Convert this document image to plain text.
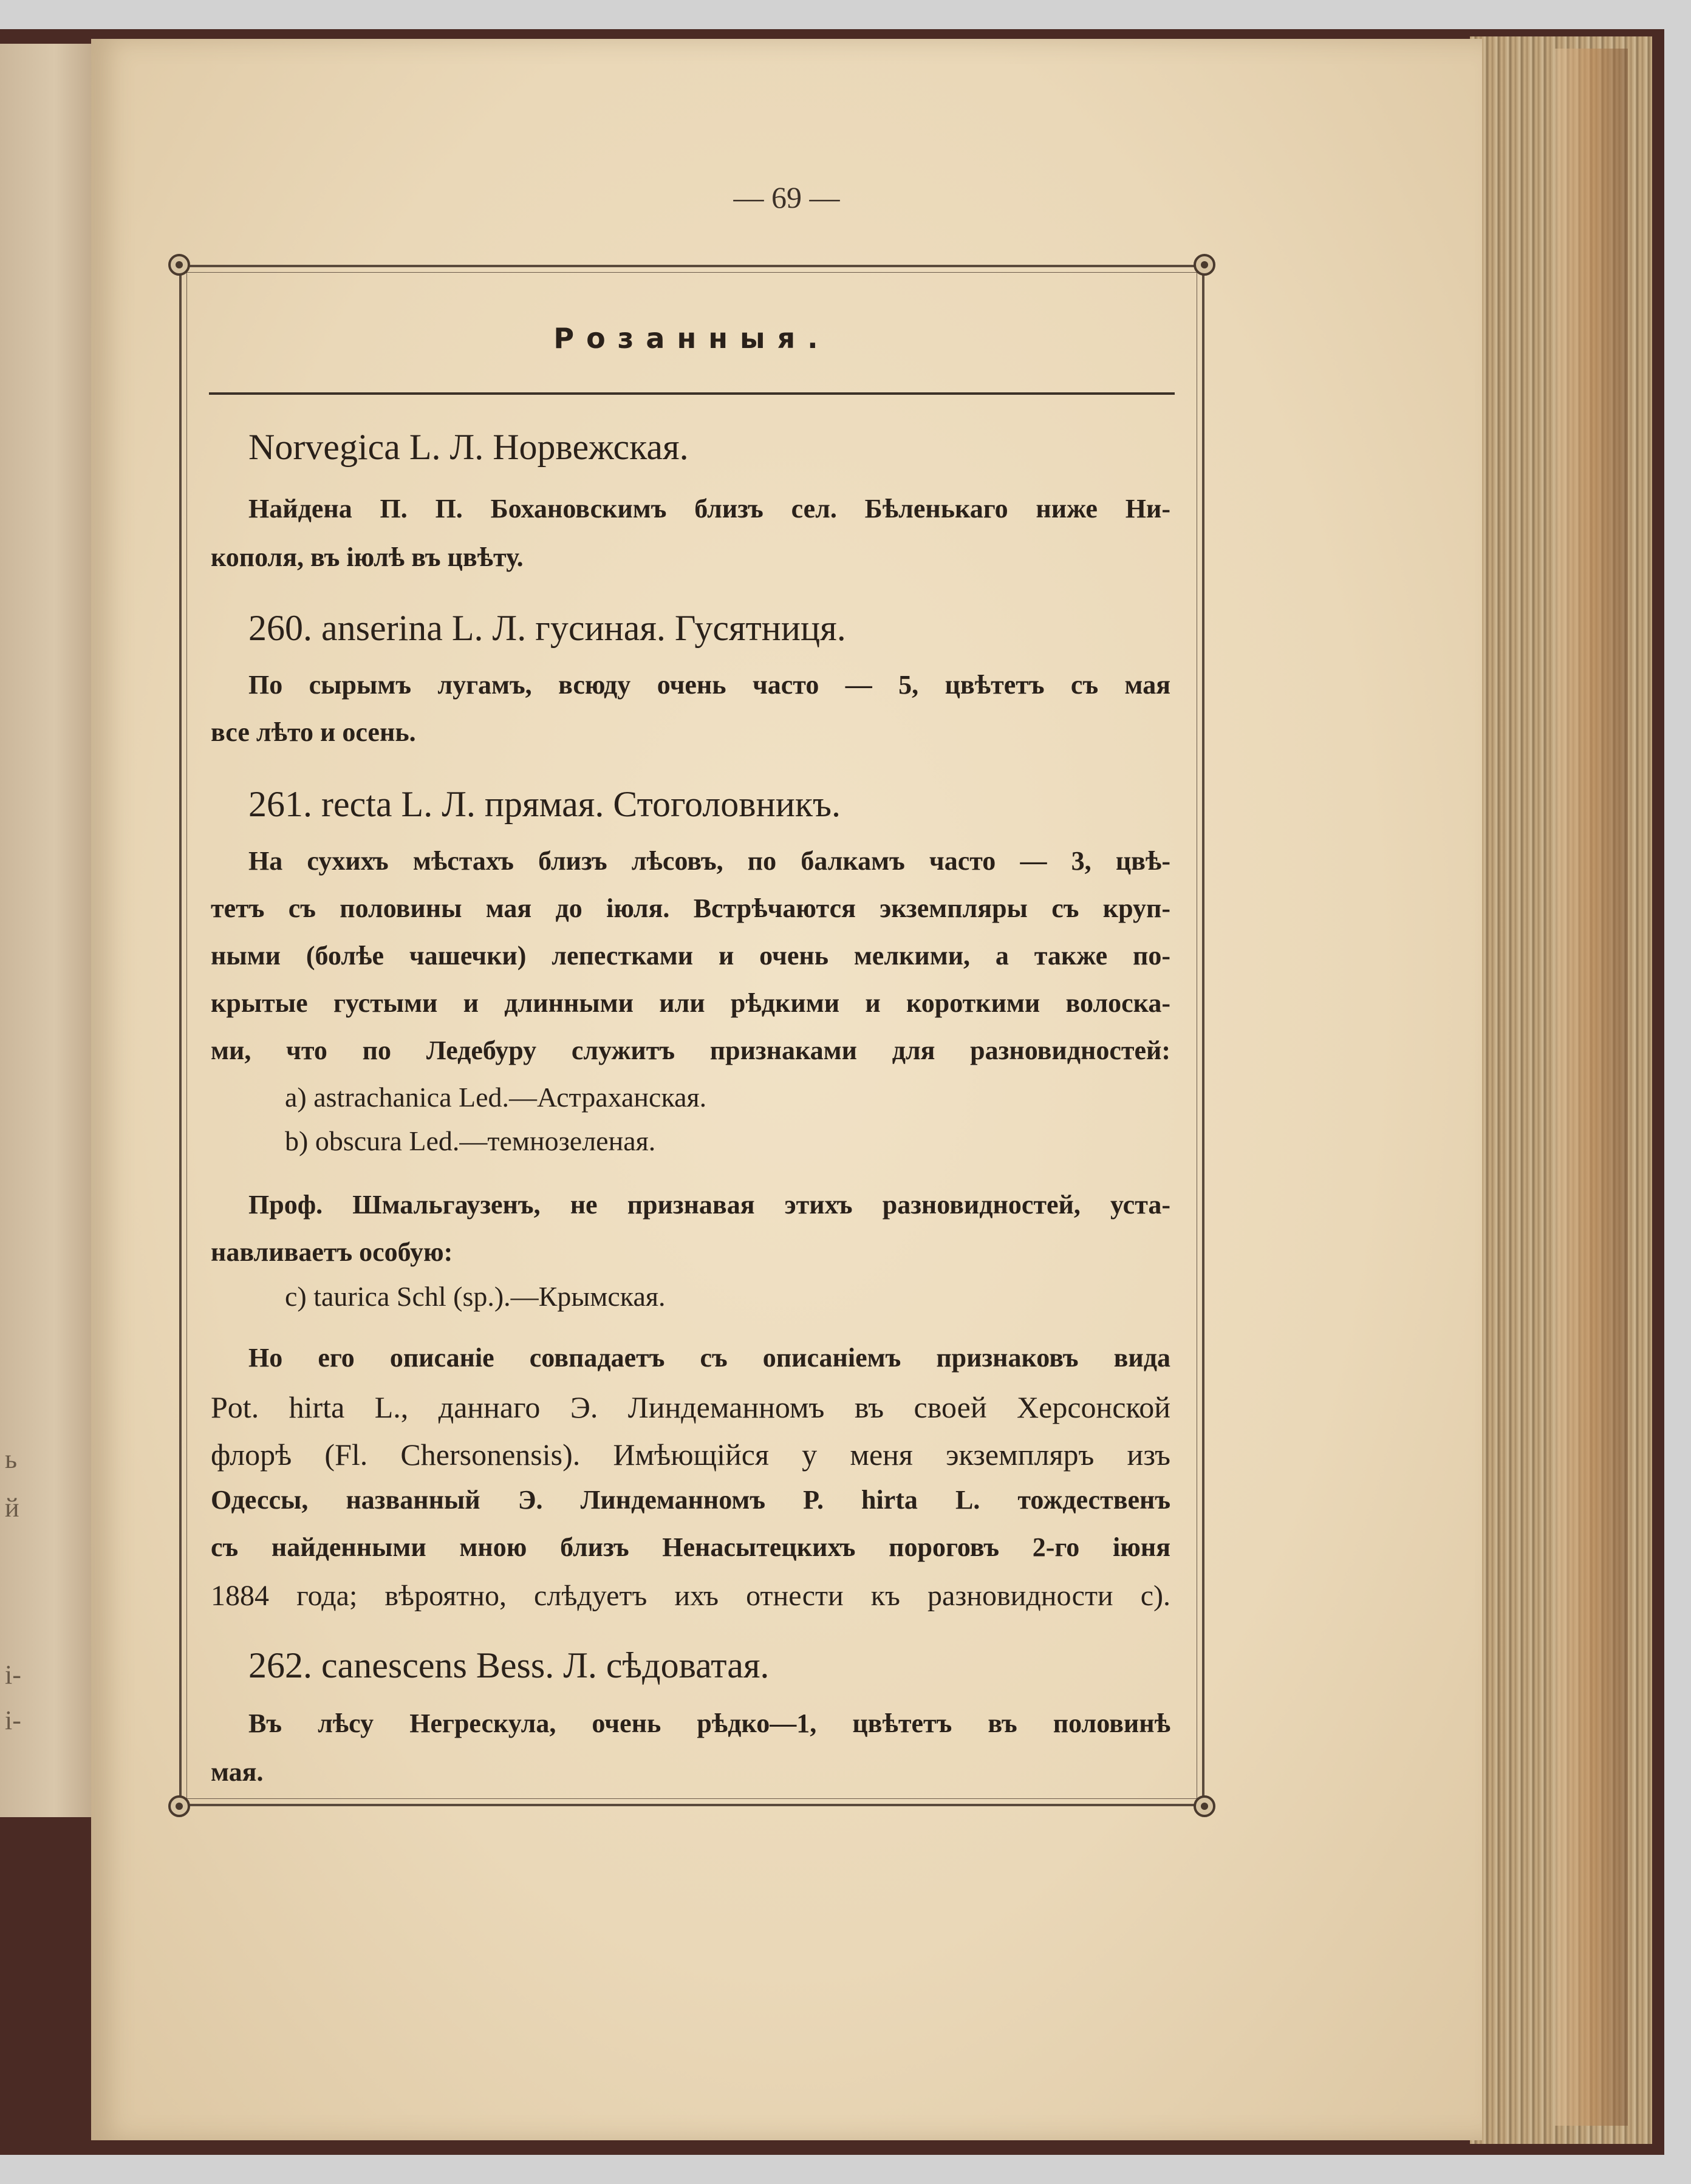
ь
й
і-
і-
— 69 —
Розанныя.
Norvegica L. Л. Норвежская.
Найдена П. П. Бохановскимъ близъ сел. Бѣленькаго ниже Ни-
кополя, въ iюлѣ въ цвѣту.
260. anserina L. Л. гусиная. Гусятниця.
По сырымъ лугамъ, всюду очень часто — 5, цвѣтетъ съ мая
все лѣто и осень.
261. recta L. Л. прямая. Стоголовникъ.
На сухихъ мѣстахъ близъ лѣсовъ, по балкамъ часто — 3, цвѣ-
тетъ съ половины мая до iюля. Встрѣчаются экземпляры съ круп-
ными (болѣе чашечки) лепестками и очень мелкими, а также по-
крытые густыми и длинными или рѣдкими и короткими волоска-
ми, что по Ледебуру служитъ признаками для разновидностей:
a) astrachanica Led.—Астраханская.
b) obscura Led.—темнозеленая.
Проф. Шмальгаузенъ, не признавая этихъ разновидностей, уста-
навливаетъ особую:
c) taurica Schl (sp.).—Крымская.
Но его описанiе совпадаетъ съ описанiемъ признаковъ вида
Pot. hirta L., даннаго Э. Линдеманномъ въ своей Херсонской
флорѣ (Fl. Chersonensis). Имѣющiйся у меня экземпляръ изъ
Одессы, названный Э. Линдеманномъ P. hirta L. тождественъ
съ найденными мною близъ Ненасытецкихъ пороговъ 2-го iюня
1884 года; вѣроятно, слѣдуетъ ихъ отнести къ разновидности c).
262. canescens Bess. Л. сѣдоватая.
Въ лѣсу Негрескула, очень рѣдко—1, цвѣтетъ въ половинѣ
мая.
